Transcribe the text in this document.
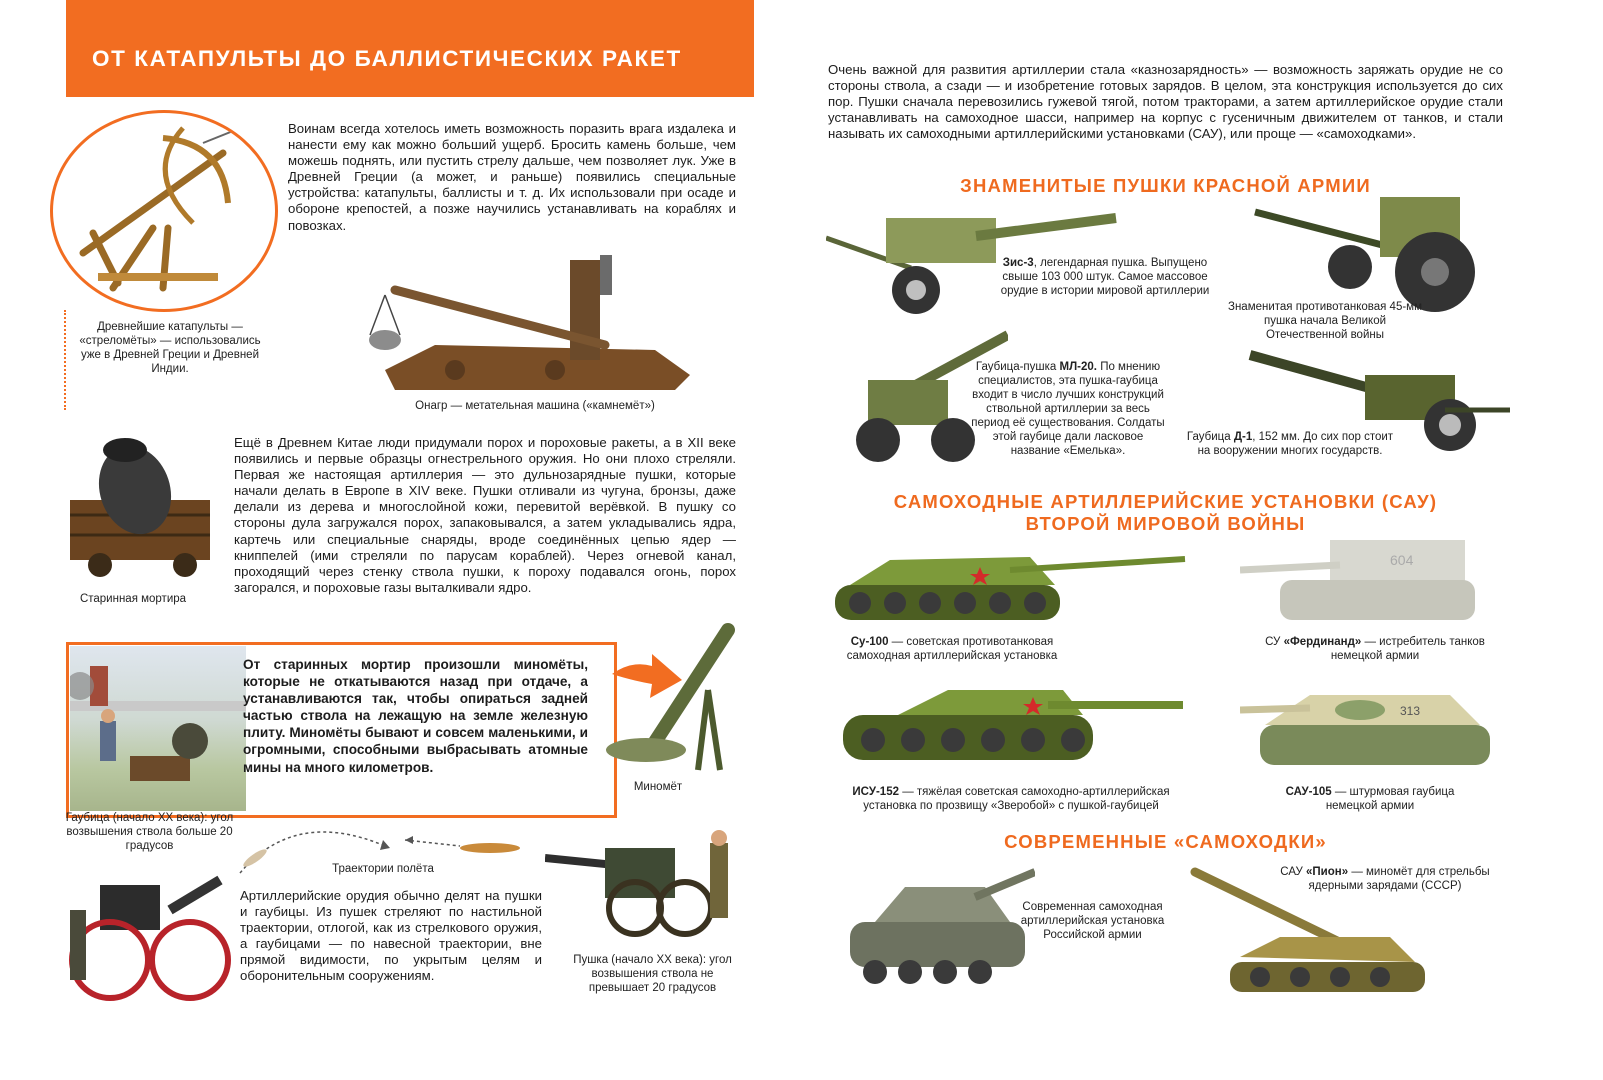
ОТ КАТАПУЛЬТЫ ДО БАЛЛИСТИЧЕСКИХ РАКЕТ
Древнейшие катапульты — «стреломёты» — использовались уже в Древней Греции и Древней Индии.
Воинам всегда хотелось иметь возможность поразить врага издалека и нанести ему как можно больший ущерб. Бросить камень больше, чем можешь поднять, или пустить стрелу дальше, чем позволяет лук. Уже в Древней Греции (а может, и раньше) появились специальные устройства: катапульты, баллисты и т. д. Их использовали при осаде и обороне крепостей, а позже научились устанавливать на кораблях и повозках.
Онагр — метательная машина («камнемёт»)
Старинная мортира
Ещё в Древнем Китае люди придумали порох и пороховые ракеты, а в XII веке появились и первые образцы огнестрельного оружия. Но они плохо стреляли. Первая же настоящая артиллерия — это дульнозарядные пушки, которые начали делать в Европе в XIV веке. Пушки отливали из чугуна, бронзы, даже делали из дерева и многослойной кожи, перевитой верёвкой. В пушку со стороны дула загружался порох, запаковывался, а затем укладывались ядра, картечь или специальные снаряды, вроде соединённых цепью ядер — книппелей (ими стреляли по парусам кораблей). Через огневой канал, проходящий через стенку ствола пушки, к пороху подавался огонь, порох загорался, и пороховые газы выталкивали ядро.
От старинных мортир произошли миномёты, которые не откатываются назад при отдаче, а устанавливаются так, чтобы опираться задней частью ствола на лежащую на земле железную плиту. Миномёты бывают и совсем маленькими, и огромными, способными выбрасывать атомные мины на много километров.
Миномёт
Гаубица (начало XX века): угол возвышения ствола больше 20 градусов
Траектории полёта
Артиллерийские орудия обычно делят на пушки и гаубицы. Из пушек стреляют по настильной траектории, отлогой, как из стрелкового оружия, а гаубицами — по навесной траектории, вне прямой видимости, по укрытым целям и оборонительным сооружениям.
Пушка (начало XX века): угол возвышения ствола не превышает 20 градусов
Очень важной для развития артиллерии стала «казнозарядность» — возможность заряжать орудие не со стороны ствола, а сзади — и изобретение готовых зарядов. В целом, эта конструкция используется до сих пор. Пушки сначала перевозились гужевой тягой, потом тракторами, а затем артиллерийское орудие стали устанавливать на самоходное шасси, например на корпус с гусеничным движителем от танков, и стали называть их самоходными артиллерийскими установками (САУ), или проще — «самоходками».
ЗНАМЕНИТЫЕ ПУШКИ КРАСНОЙ АРМИИ
Зис-3, легендарная пушка. Выпущено свыше 103 000 штук. Самое массовое орудие в истории мировой артиллерии
Знаменитая противотанковая 45-мм пушка начала Великой Отечественной войны
Гаубица-пушка МЛ-20. По мнению специалистов, эта пушка-гаубица входит в число лучших конструкций ствольной артиллерии за весь период её существования. Солдаты этой гаубице дали ласковое название «Емелька».
Гаубица Д-1, 152 мм. До сих пор стоит на вооружении многих государств.
САМОХОДНЫЕ АРТИЛЛЕРИЙСКИЕ УСТАНОВКИ (САУ)
ВТОРОЙ МИРОВОЙ ВОЙНЫ
Су-100 — советская противотанковая самоходная артиллерийская установка
604
СУ «Фердинанд» — истребитель танков немецкой армии
ИСУ-152 — тяжёлая советская самоходно-артиллерийская установка по прозвищу «Зверобой» с пушкой-гаубицей
313
САУ-105 — штурмовая гаубица немецкой армии
СОВРЕМЕННЫЕ «САМОХОДКИ»
Современная самоходная артиллерийская установка Российской армии
САУ «Пион» — миномёт для стрельбы ядерными зарядами (СССР)
